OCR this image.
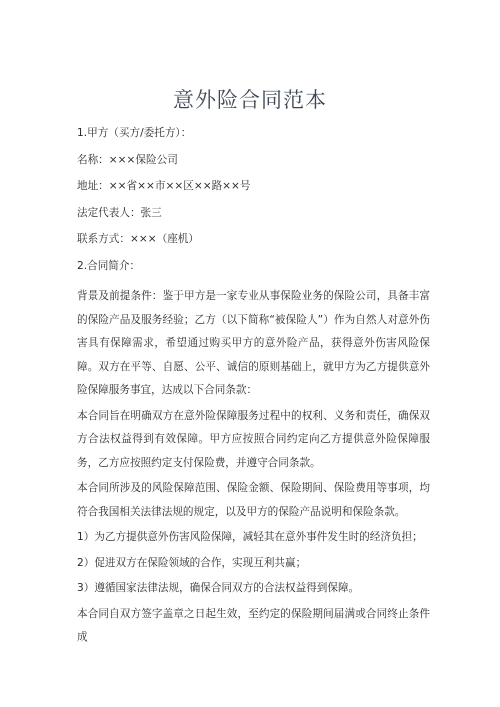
意外险合同范本
1.甲方（买方/委托方）：
名称：×××保险公司
地址：××省××市××区××路××号
法定代表人：张三
联系方式：×××（座机）
2.合同简介：
背景及前提条件：鉴于甲方是一家专业从事保险业务的保险公司，具备丰富的保险产品及服务经验；乙方（以下简称“被保险人”）作为自然人对意外伤害具有保障需求，希望通过购买甲方的意外险产品，获得意外伤害风险保障。双方在平等、自愿、公平、诚信的原则基础上，就甲方为乙方提供意外险保障服务事宜，达成以下合同条款：
本合同旨在明确双方在意外险保障服务过程中的权利、义务和责任，确保双方合法权益得到有效保障。甲方应按照合同约定向乙方提供意外险保障服务，乙方应按照约定支付保险费，并遵守合同条款。
本合同所涉及的风险保障范围、保险金额、保险期间、保险费用等事项，均符合我国相关法律法规的规定，以及甲方的保险产品说明和保险条款。
1）为乙方提供意外伤害风险保障，减轻其在意外事件发生时的经济负担；
2）促进双方在保险领域的合作，实现互利共赢；
3）遵循国家法律法规，确保合同双方的合法权益得到保障。
本合同自双方签字盖章之日起生效，至约定的保险期间届满或合同终止条件成
